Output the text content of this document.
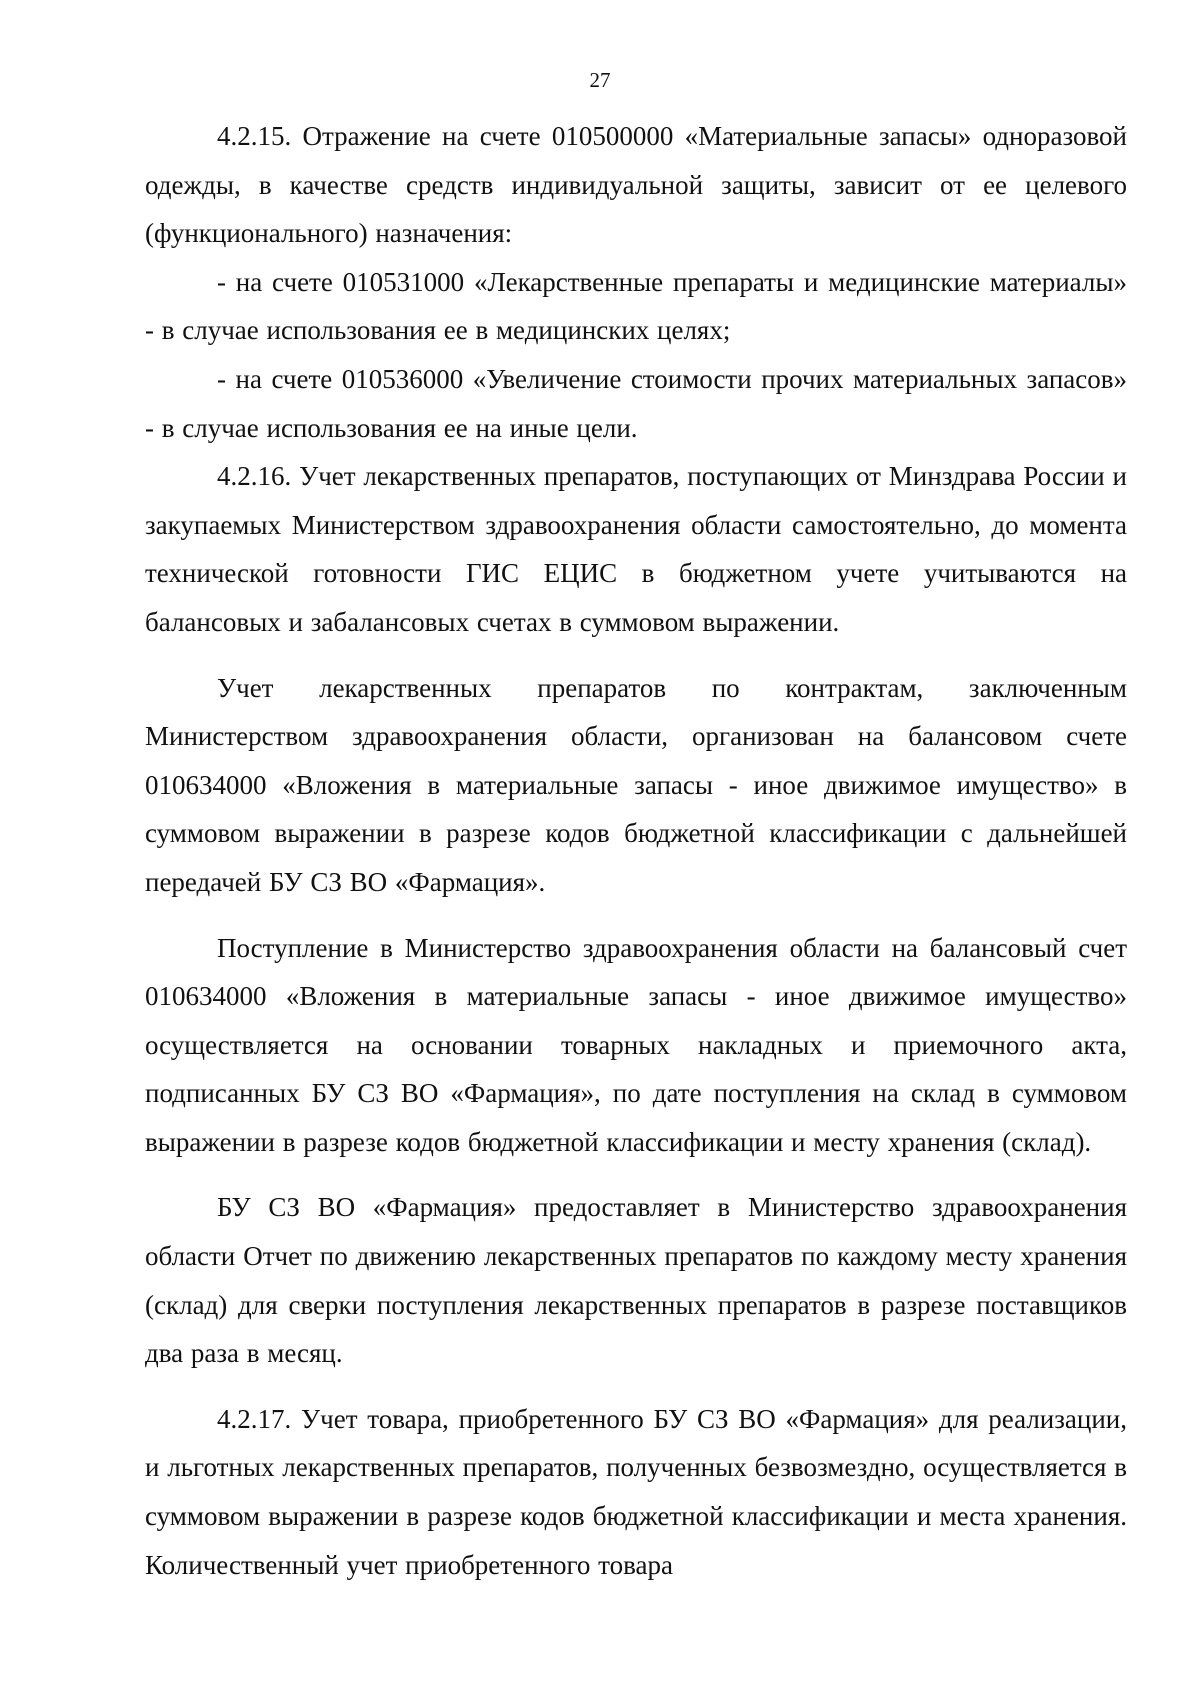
27

4.2.15. Отражение на счете 010500000 «Материальные запасы» одноразовой одежды, в качестве средств индивидуальной защиты, зависит от ее целевого (функционального) назначения:

- на счете 010531000 «Лекарственные препараты и медицинские материалы» - в случае использования ее в медицинских целях;

- на счете 010536000 «Увеличение стоимости прочих материальных запасов» - в случае использования ее на иные цели.

4.2.16. Учет лекарственных препаратов, поступающих от Минздрава России и закупаемых Министерством здравоохранения области самостоятельно, до момента технической готовности ГИС ЕЦИС в бюджетном учете учитываются на балансовых и забалансовых счетах в суммовом выражении.

Учет лекарственных препаратов по контрактам, заключенным Министерством здравоохранения области, организован на балансовом счете 010634000 «Вложения в материальные запасы - иное движимое имущество» в суммовом выражении в разрезе кодов бюджетной классификации с дальнейшей передачей БУ СЗ ВО «Фармация».

Поступление в Министерство здравоохранения области на балансовый счет 010634000 «Вложения в материальные запасы - иное движимое имущество» осуществляется на основании товарных накладных и приемочного акта, подписанных БУ СЗ ВО «Фармация», по дате поступления на склад в суммовом выражении в разрезе кодов бюджетной классификации и месту хранения (склад).

БУ СЗ ВО «Фармация» предоставляет в Министерство здравоохранения области Отчет по движению лекарственных препаратов по каждому месту хранения (склад) для сверки поступления лекарственных препаратов в разрезе поставщиков два раза в месяц.

4.2.17. Учет товара, приобретенного БУ СЗ ВО «Фармация» для реализации, и льготных лекарственных препаратов, полученных безвозмездно, осуществляется в суммовом выражении в разрезе кодов бюджетной классификации и места хранения. Количественный учет приобретенного товара
